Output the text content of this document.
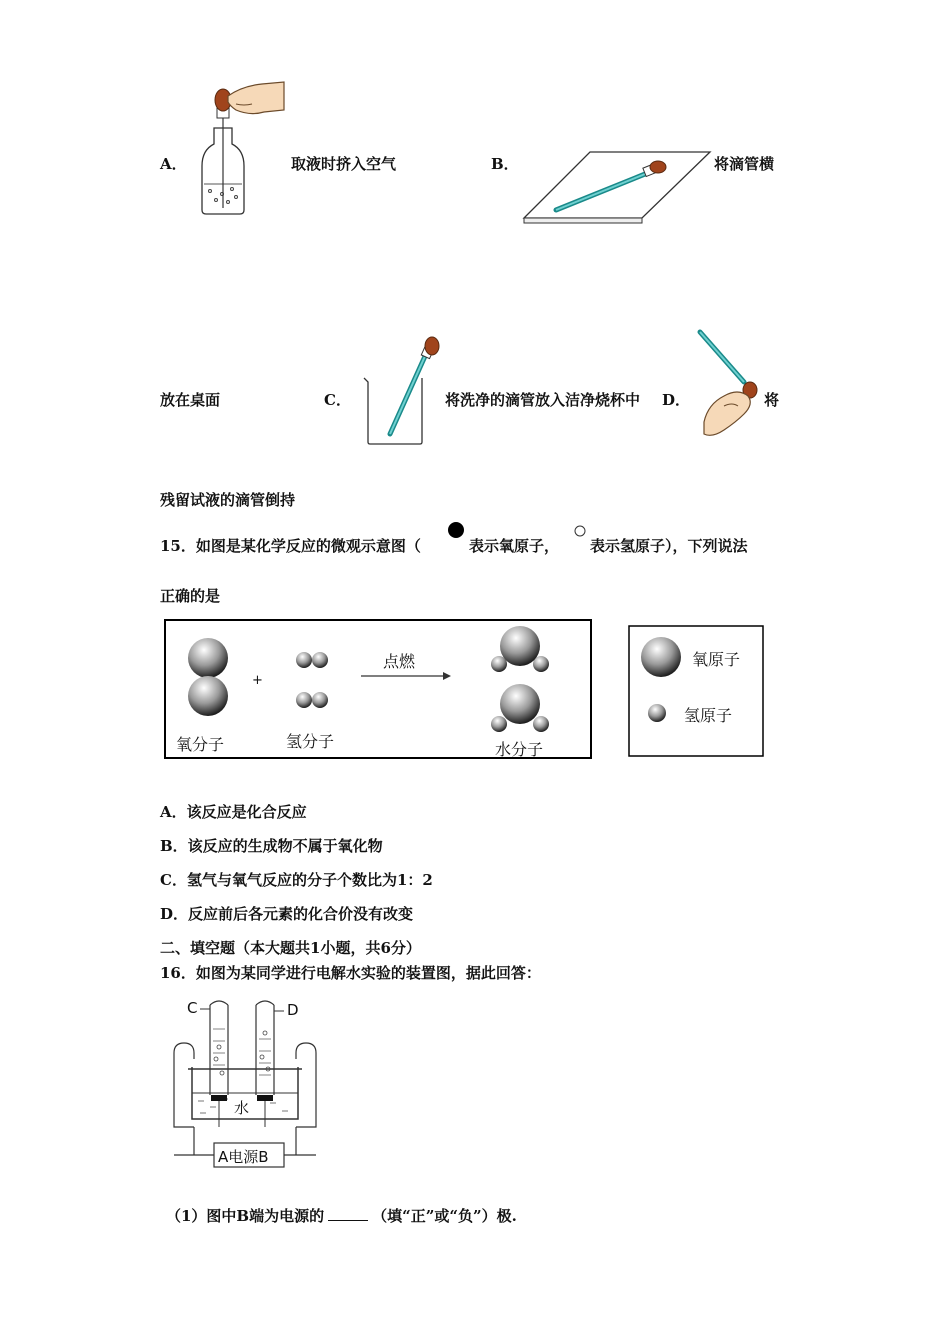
A．	取液时挤入空气	B．	将滴管横
放在桌面	C．	将洗净的滴管放入洁净烧杯中 D．	将
残留试液的滴管倒持
15．如图是某化学反应的微观示意图（	表示氧原子， 表示氢原子），下列说法
正确的是
氧分子
+
氢分子
点燃
水分子
氧原子
氢原子
A．该反应是化合反应
B．该反应的生成物不属于氧化物
C．氢气与氧气反应的分子个数比为1：2
D．反应前后各元素的化合价没有改变
二、填空题（本大题共1小题，共6分）
16．如图为某同学进行电解水实验的装置图，据此回答：
C	D
水
A电源B
（1）图中B端为电源的	（填“正”或“负”）极.
